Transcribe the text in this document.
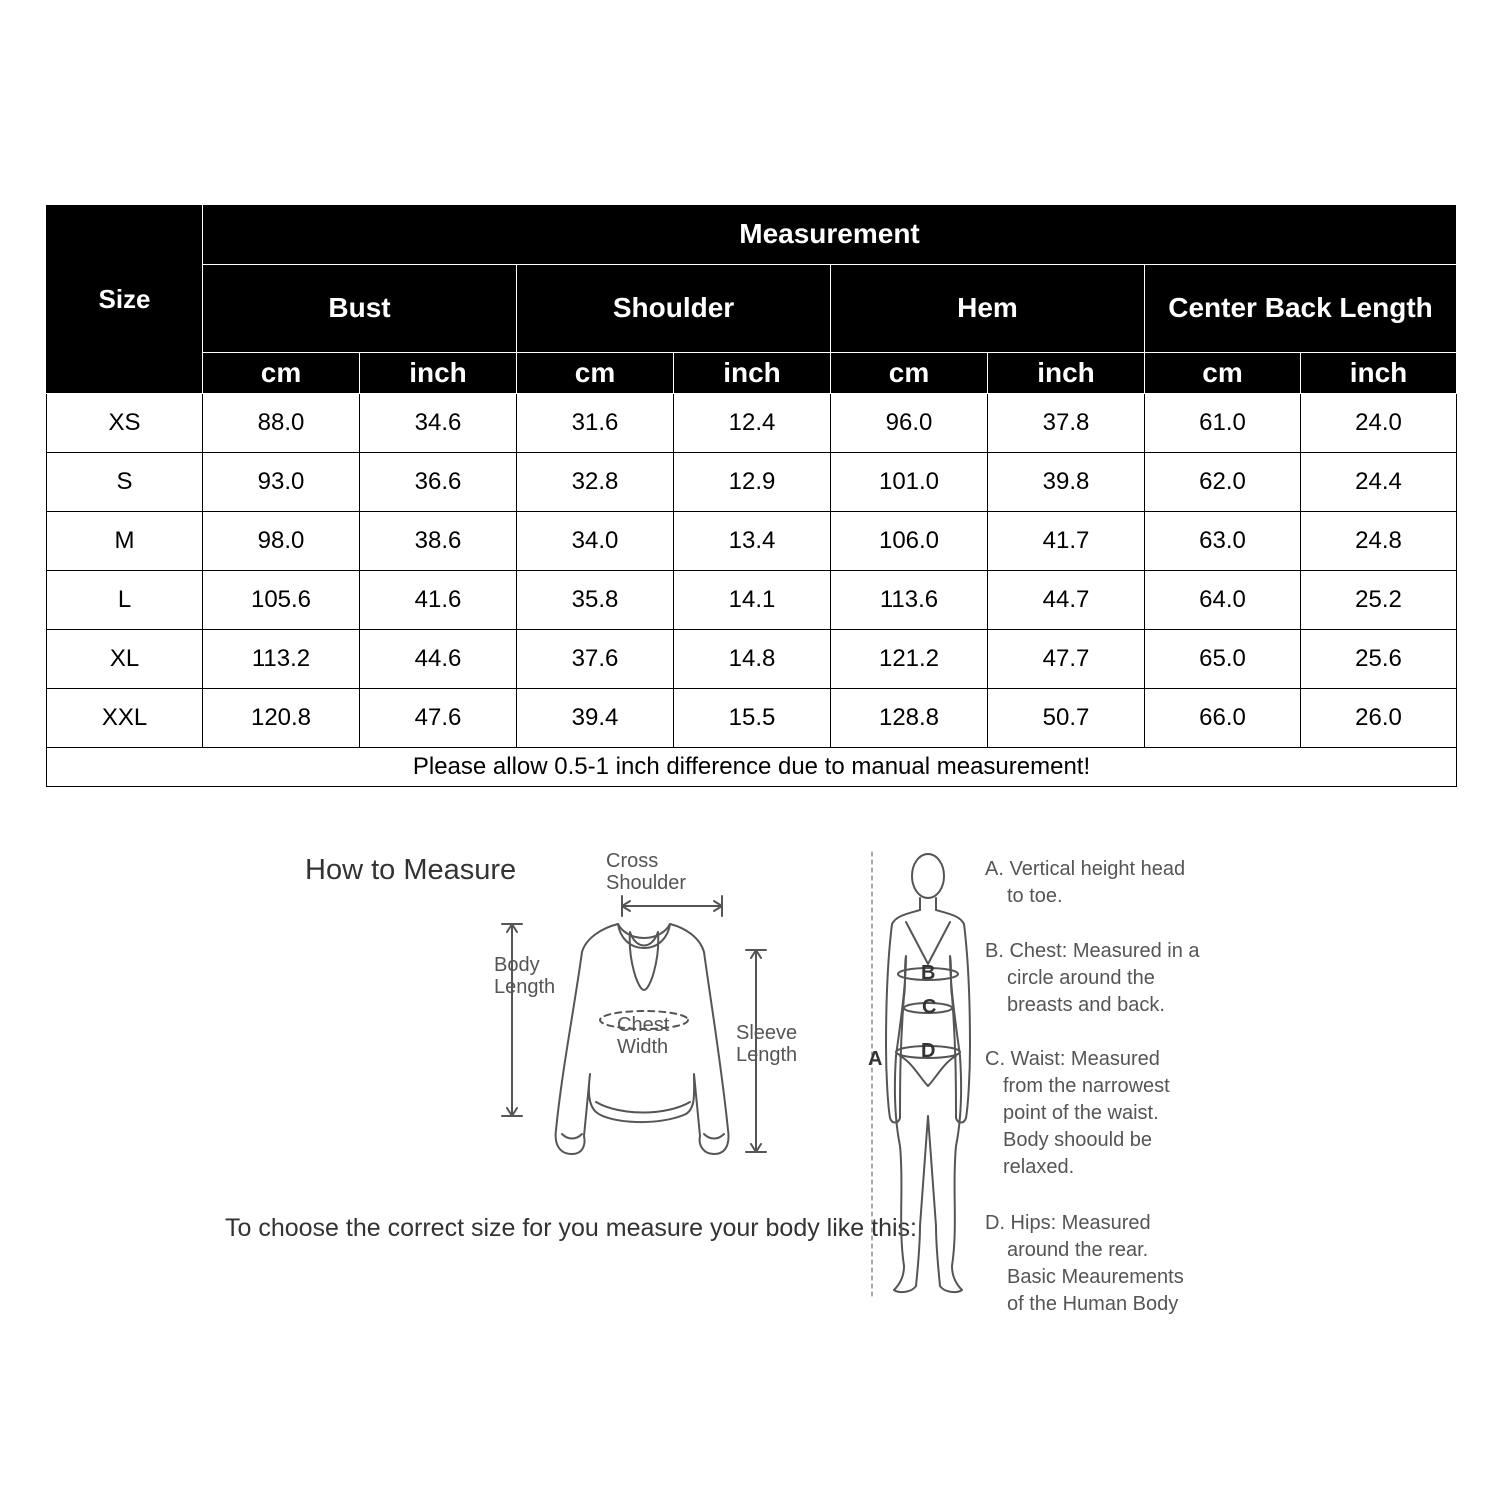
Size	Measurement							
	Bust		Shoulder		Hem		Center Back Length	
	cm	inch	cm	inch	cm	inch	cm	inch
XS	88.0	34.6	31.6	12.4	96.0	37.8	61.0	24.0
S	93.0	36.6	32.8	12.9	101.0	39.8	62.0	24.4
M	98.0	38.6	34.0	13.4	106.0	41.7	63.0	24.8
L	105.6	41.6	35.8	14.1	113.6	44.7	64.0	25.2
XL	113.2	44.6	37.6	14.8	121.2	47.7	65.0	25.6
XXL	120.8	47.6	39.4	15.5	128.8	50.7	66.0	26.0
Please allow 0.5-1 inch difference due to manual measurement!								
How to Measure
To choose the correct size for you measure your body like this:
Cross
Shoulder
Body
Length
Chest
Width
Sleeve
Length	A
B
C
D
A. Vertical height head
to toe.
B. Chest: Measured in a
circle around the
breasts and back.
C. Waist: Measured
from the narrowest
point of the waist.
Body shoould be
relaxed.
D. Hips: Measured
around the rear.
Basic Meaurements
of the Human Body
